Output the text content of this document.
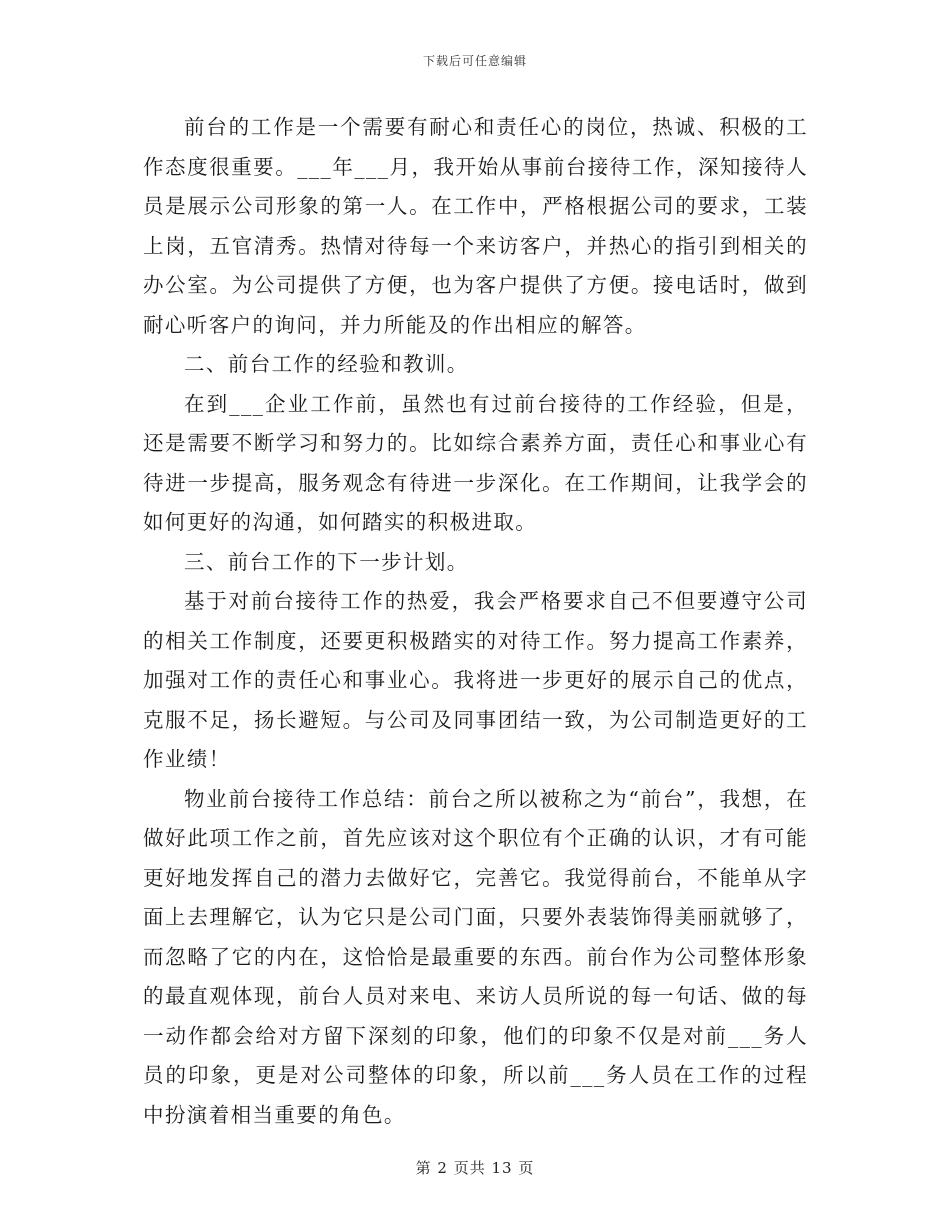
下载后可任意编辑

前台的工作是一个需要有耐心和责任心的岗位，热诚、积极的工作态度很重要。___年___月，我开始从事前台接待工作，深知接待人员是展示公司形象的第一人。在工作中，严格根据公司的要求，工装上岗，五官清秀。热情对待每一个来访客户，并热心的指引到相关的办公室。为公司提供了方便，也为客户提供了方便。接电话时，做到耐心听客户的询问，并力所能及的作出相应的解答。

二、前台工作的经验和教训。

在到___企业工作前，虽然也有过前台接待的工作经验，但是，还是需要不断学习和努力的。比如综合素养方面，责任心和事业心有待进一步提高，服务观念有待进一步深化。在工作期间，让我学会的如何更好的沟通，如何踏实的积极进取。

三、前台工作的下一步计划。

基于对前台接待工作的热爱，我会严格要求自己不但要遵守公司的相关工作制度，还要更积极踏实的对待工作。努力提高工作素养，加强对工作的责任心和事业心。我将进一步更好的展示自己的优点，克服不足，扬长避短。与公司及同事团结一致，为公司制造更好的工作业绩！

物业前台接待工作总结：前台之所以被称之为“前台”，我想，在做好此项工作之前，首先应该对这个职位有个正确的认识，才有可能更好地发挥自己的潜力去做好它，完善它。我觉得前台，不能单从字面上去理解它，认为它只是公司门面，只要外表装饰得美丽就够了，而忽略了它的内在，这恰恰是最重要的东西。前台作为公司整体形象的最直观体现，前台人员对来电、来访人员所说的每一句话、做的每一动作都会给对方留下深刻的印象，他们的印象不仅是对前___务人员的印象，更是对公司整体的印象，所以前___务人员在工作的过程中扮演着相当重要的角色。

第 2 页共 13 页
